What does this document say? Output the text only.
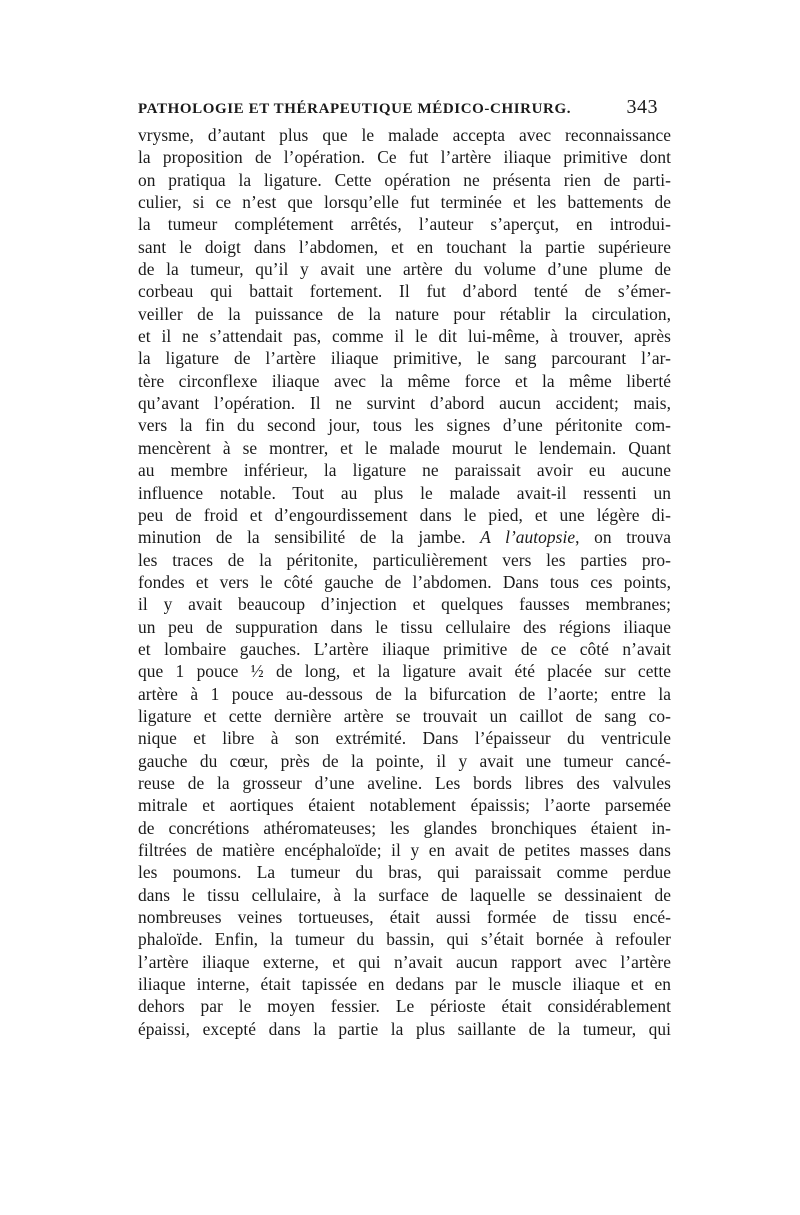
PATHOLOGIE ET THÉRAPEUTIQUE MÉDICO-CHIRURG.	343
vrysme, d’autant plus que le malade accepta avec reconnaissance
la proposition de l’opération. Ce fut l’artère iliaque primitive dont
on pratiqua la ligature. Cette opération ne présenta rien de parti-
culier, si ce n’est que lorsqu’elle fut terminée et les battements de
la tumeur complétement arrêtés, l’auteur s’aperçut, en introdui-
sant le doigt dans l’abdomen, et en touchant la partie supérieure
de la tumeur, qu’il y avait une artère du volume d’une plume de
corbeau qui battait fortement. Il fut d’abord tenté de s’émer-
veiller de la puissance de la nature pour rétablir la circulation,
et il ne s’attendait pas, comme il le dit lui-même, à trouver, après
la ligature de l’artère iliaque primitive, le sang parcourant l’ar-
tère circonflexe iliaque avec la même force et la même liberté
qu’avant l’opération. Il ne survint d’abord aucun accident; mais,
vers la fin du second jour, tous les signes d’une péritonite com-
mencèrent à se montrer, et le malade mourut le lendemain. Quant
au membre inférieur, la ligature ne paraissait avoir eu aucune
influence notable. Tout au plus le malade avait-il ressenti un
peu de froid et d’engourdissement dans le pied, et une légère di-
minution de la sensibilité de la jambe. A l’autopsie, on trouva
les traces de la péritonite, particulièrement vers les parties pro-
fondes et vers le côté gauche de l’abdomen. Dans tous ces points,
il y avait beaucoup d’injection et quelques fausses membranes;
un peu de suppuration dans le tissu cellulaire des régions iliaque
et lombaire gauches. L’artère iliaque primitive de ce côté n’avait
que 1 pouce ½ de long, et la ligature avait été placée sur cette
artère à 1 pouce au-dessous de la bifurcation de l’aorte; entre la
ligature et cette dernière artère se trouvait un caillot de sang co-
nique et libre à son extrémité. Dans l’épaisseur du ventricule
gauche du cœur, près de la pointe, il y avait une tumeur cancé-
reuse de la grosseur d’une aveline. Les bords libres des valvules
mitrale et aortiques étaient notablement épaissis; l’aorte parsemée
de concrétions athéromateuses; les glandes bronchiques étaient in-
filtrées de matière encéphaloïde; il y en avait de petites masses dans
les poumons. La tumeur du bras, qui paraissait comme perdue
dans le tissu cellulaire, à la surface de laquelle se dessinaient de
nombreuses veines tortueuses, était aussi formée de tissu encé-
phaloïde. Enfin, la tumeur du bassin, qui s’était bornée à refouler
l’artère iliaque externe, et qui n’avait aucun rapport avec l’artère
iliaque interne, était tapissée en dedans par le muscle iliaque et en
dehors par le moyen fessier. Le périoste était considérablement
épaissi, excepté dans la partie la plus saillante de la tumeur, qui
